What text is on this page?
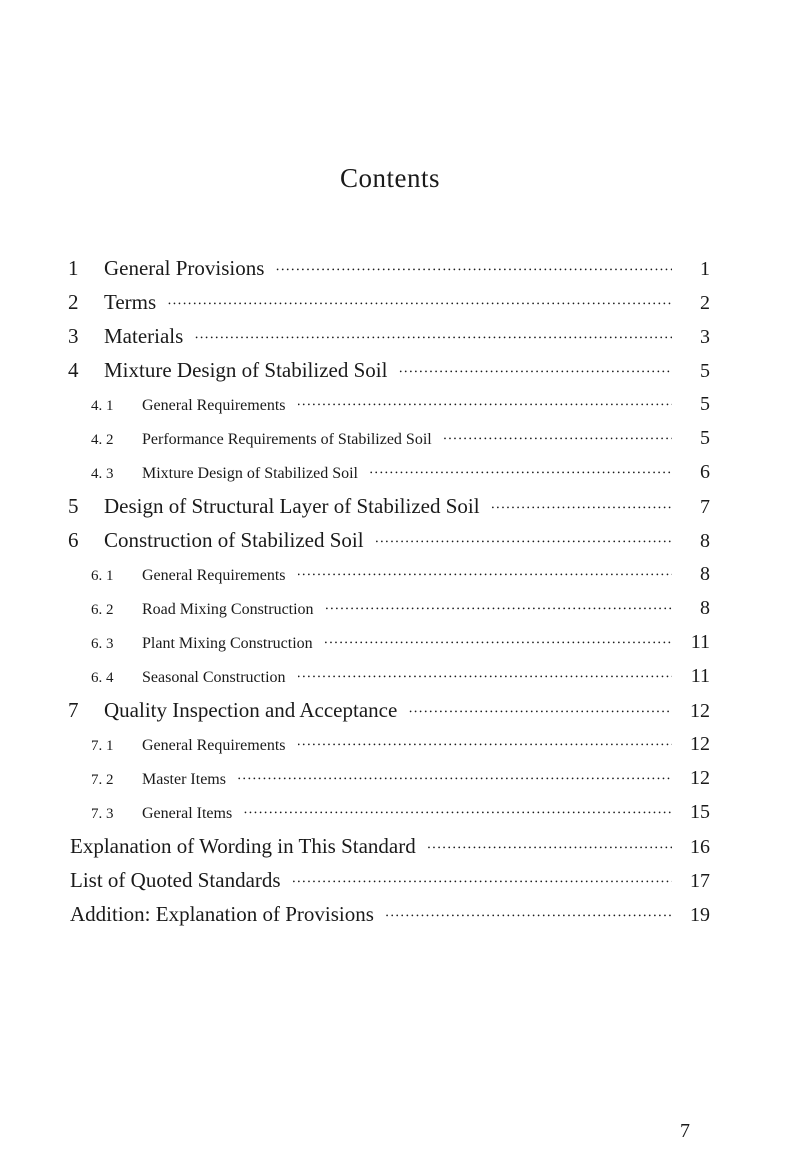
Contents
1	General Provisions •••••	1
2	Terms •••••	2
3	Materials •••••	3
4	Mixture Design of Stabilized Soil •••••	5
4. 1	General Requirements •••••	5
4. 2	Performance Requirements of Stabilized Soil •••••	5
4. 3	Mixture Design of Stabilized Soil •••••	6
5	Design of Structural Layer of Stabilized Soil •••••	7
6	Construction of Stabilized Soil •••••	8
6. 1	General Requirements •••••	8
6. 2	Road Mixing Construction •••••	8
6. 3	Plant Mixing Construction •••••	11
6. 4	Seasonal Construction •••••	11
7	Quality Inspection and Acceptance •••••	12
7. 1	General Requirements •••••	12
7. 2	Master Items •••••	12
7. 3	General Items •••••	15
Explanation of Wording in This Standard •••••	16
List of Quoted Standards •••••	17
Addition: Explanation of Provisions •••••	19
7
